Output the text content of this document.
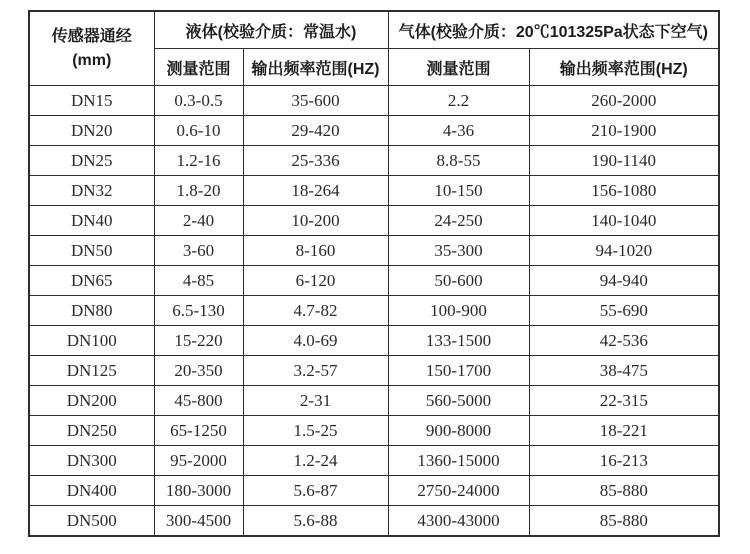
传感器通经
(mm)	液体(校验介质：常温水)		气体(校验介质：20℃101325Pa状态下空气)	
	测量范围	输出频率范围(HZ)	测量范围	输出频率范围(HZ)
DN15	0.3-0.5	35-600	2.2	260-2000
DN20	0.6-10	29-420	4-36	210-1900
DN25	1.2-16	25-336	8.8-55	190-1140
DN32	1.8-20	18-264	10-150	156-1080
DN40	2-40	10-200	24-250	140-1040
DN50	3-60	8-160	35-300	94-1020
DN65	4-85	6-120	50-600	94-940
DN80	6.5-130	4.7-82	100-900	55-690
DN100	15-220	4.0-69	133-1500	42-536
DN125	20-350	3.2-57	150-1700	38-475
DN200	45-800	2-31	560-5000	22-315
DN250	65-1250	1.5-25	900-8000	18-221
DN300	95-2000	1.2-24	1360-15000	16-213
DN400	180-3000	5.6-87	2750-24000	85-880
DN500	300-4500	5.6-88	4300-43000	85-880
